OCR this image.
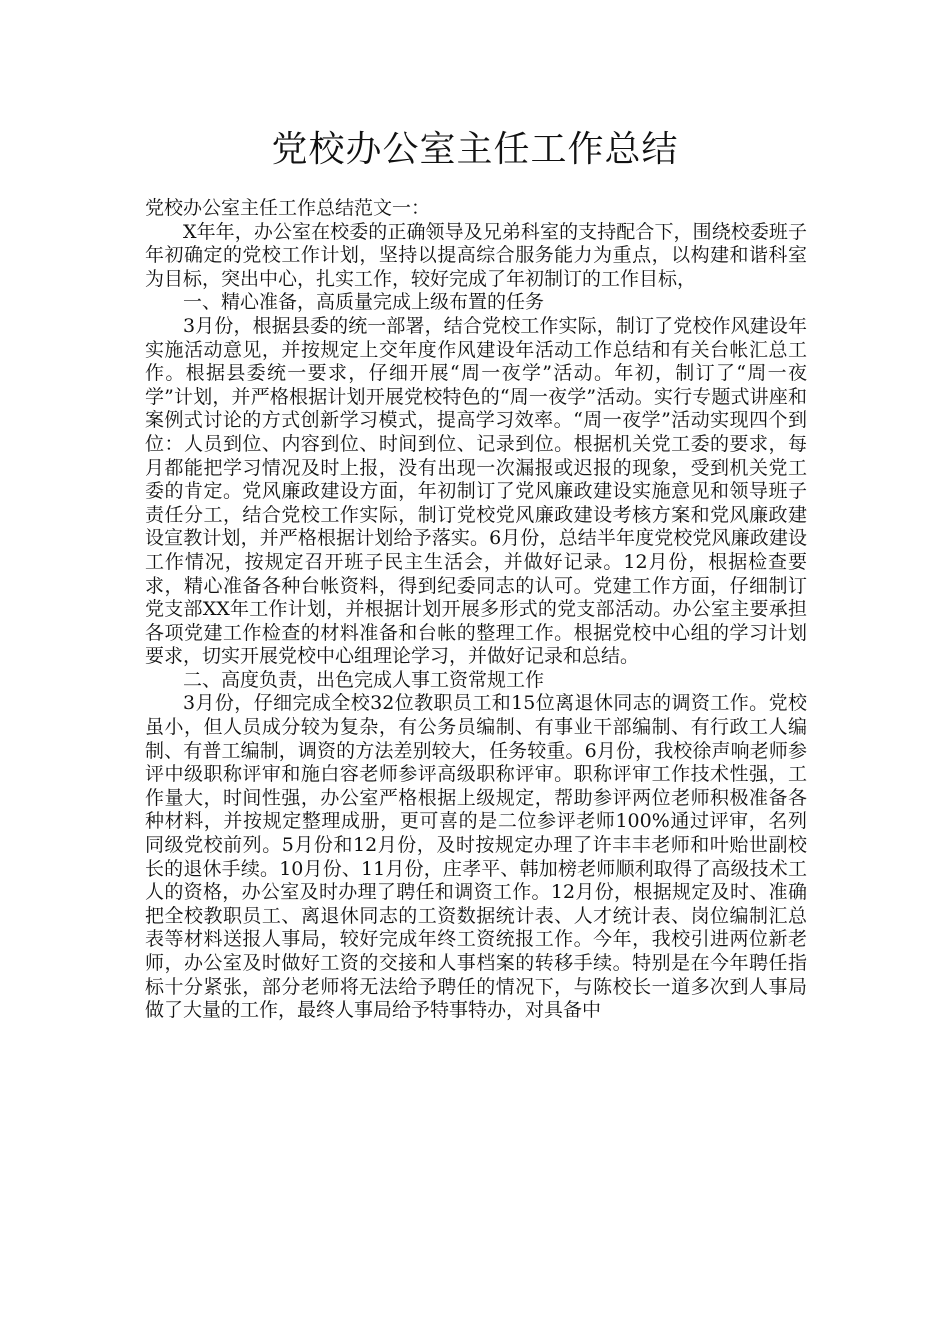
党校办公室主任工作总结

党校办公室主任工作总结范文一：

X年年，办公室在校委的正确领导及兄弟科室的支持配合下，围绕校委班子年初确定的党校工作计划，坚持以提高综合服务能力为重点，以构建和谐科室为目标，突出中心，扎实工作，较好完成了年初制订的工作目标，

一、精心准备，高质量完成上级布置的任务

3月份，根据县委的统一部署，结合党校工作实际，制订了党校作风建设年实施活动意见，并按规定上交年度作风建设年活动工作总结和有关台帐汇总工作。根据县委统一要求，仔细开展“周一夜学”活动。年初，制订了“周一夜学”计划，并严格根据计划开展党校特色的“周一夜学”活动。实行专题式讲座和案例式讨论的方式创新学习模式，提高学习效率。“周一夜学”活动实现四个到位：人员到位、内容到位、时间到位、记录到位。根据机关党工委的要求，每月都能把学习情况及时上报，没有出现一次漏报或迟报的现象，受到机关党工委的肯定。党风廉政建设方面，年初制订了党风廉政建设实施意见和领导班子责任分工，结合党校工作实际，制订党校党风廉政建设考核方案和党风廉政建设宣教计划，并严格根据计划给予落实。6月份，总结半年度党校党风廉政建设工作情况，按规定召开班子民主生活会，并做好记录。12月份，根据检查要求，精心准备各种台帐资料，得到纪委同志的认可。党建工作方面，仔细制订党支部XX年工作计划，并根据计划开展多形式的党支部活动。办公室主要承担各项党建工作检查的材料准备和台帐的整理工作。根据党校中心组的学习计划要求，切实开展党校中心组理论学习，并做好记录和总结。

二、高度负责，出色完成人事工资常规工作

3月份，仔细完成全校32位教职员工和15位离退休同志的调资工作。党校虽小，但人员成分较为复杂，有公务员编制、有事业干部编制、有行政工人编制、有普工编制，调资的方法差别较大，任务较重。6月份，我校徐声响老师参评中级职称评审和施白容老师参评高级职称评审。职称评审工作技术性强，工作量大，时间性强，办公室严格根据上级规定，帮助参评两位老师积极准备各种材料，并按规定整理成册，更可喜的是二位参评老师100%通过评审，名列同级党校前列。5月份和12月份，及时按规定办理了许丰丰老师和叶贻世副校长的退休手续。10月份、11月份，庄孝平、韩加榜老师顺利取得了高级技术工人的资格，办公室及时办理了聘任和调资工作。12月份，根据规定及时、准确把全校教职员工、离退休同志的工资数据统计表、人才统计表、岗位编制汇总表等材料送报人事局，较好完成年终工资统报工作。今年，我校引进两位新老师，办公室及时做好工资的交接和人事档案的转移手续。特别是在今年聘任指标十分紧张，部分老师将无法给予聘任的情况下，与陈校长一道多次到人事局做了大量的工作，最终人事局给予特事特办，对具备中
